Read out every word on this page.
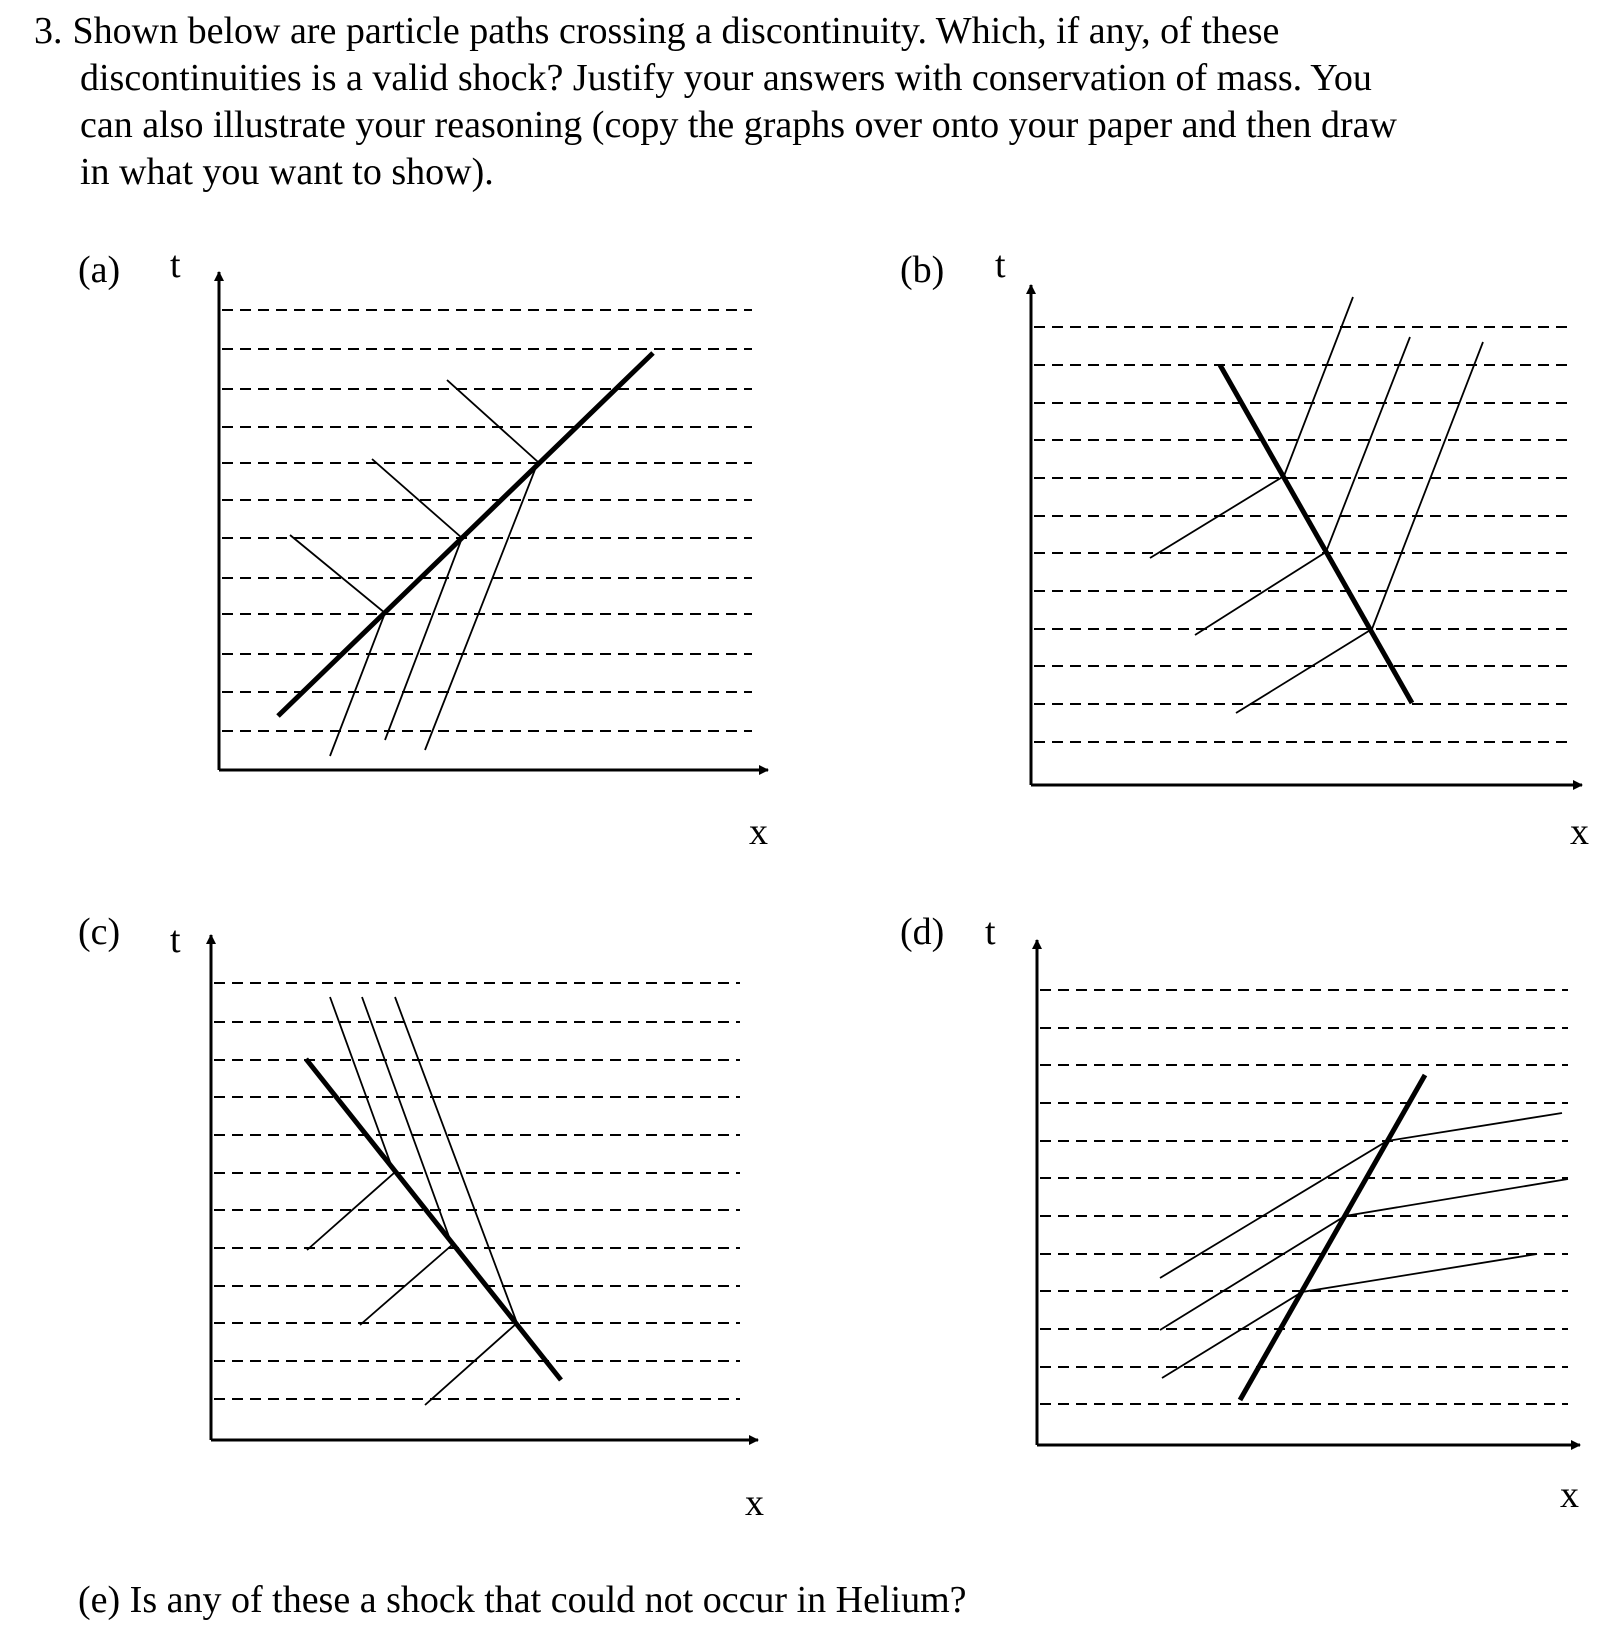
3. Shown below are particle paths crossing a discontinuity. Which, if any, of these

discontinuities is a valid shock? Justify your answers with conservation of mass. You

can also illustrate your reasoning (copy the graphs over onto your paper and then draw

in what you want to show).

(a)	(b)
(c)	(d)
t	t
t	t
x	x
x	x

(e) Is any of these a shock that could not occur in Helium?
